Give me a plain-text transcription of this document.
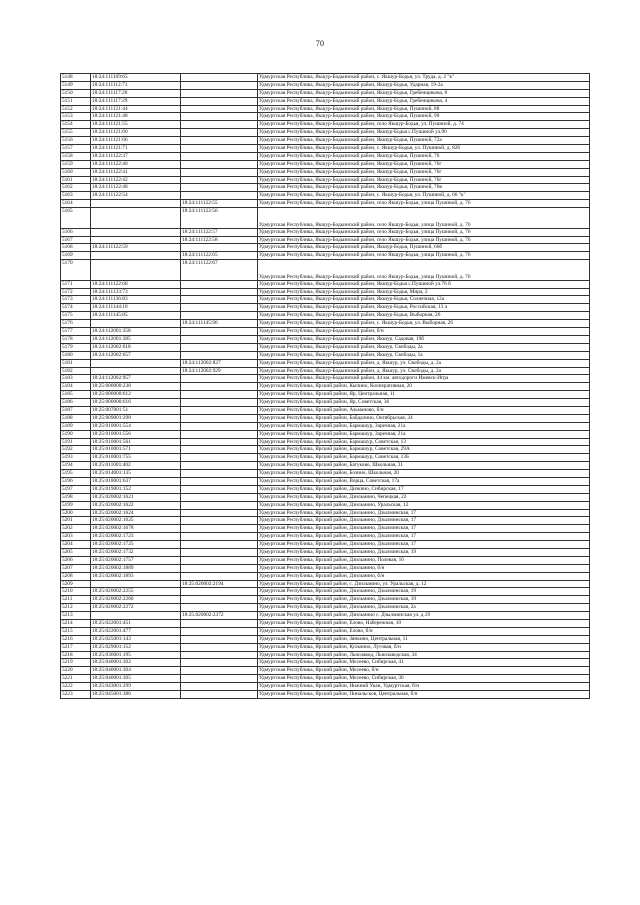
70
5148	18:24:111109:65		Удмуртская Республика, Якшур-Бодьинский район, с. Якшур-Бодья, ул. Труда, д. 2 "к"
5149	18:24:111112:71		Удмуртская Республика, Якшур-Бодьинский район, Якшур-Бодья, Ударная, 19-2а
5150	18:24:111117:20		Удмуртская Республика, Якшур-Бодьинский район, Якшур-Бодья, Гребенщикова, 8
5151	18:24:111117:29		Удмуртская Республика, Якшур-Бодьинский район, Якшур-Бодья, Гребенщикова, 4
5152	18:24:111121:44		Удмуртская Республика, Якшур-Бодьинский район, Якшур-Бодья, Пушиной, 88
5153	18:24:111121:48		Удмуртская Республика, Якшур-Бодьинский район, Якшур-Бодья, Пушиной, 90
5154	18:24:111121:55		Удмуртская Республика, Якшур-Бодьинский район, село Якшур-Бодья, ул. Пушиной, д. 74
5155	18:24:111121:60		Удмуртская Республика, Якшур-Бодьинский район, Якшур-Бодья с.Пушиной ул.90
5156	18:24:111121:66		Удмуртская Республика, Якшур-Бодьинский район, Якшур-Бодья, Пушиной, 72а
5157	18:24:111121:71		Удмуртская Республика, Якшур-Бодьинский район, с. Якшур-Бодья, ул. Пушиной, д. 82б
5158	18:24:111122:37		Удмуртская Республика, Якшур-Бодьинский район, Якшур-Бодья, Пушиной, 76
5159	18:24:111122:40		Удмуртская Республика, Якшур-Бодьинский район, Якшур-Бодья, Пушиной, 76г
5160	18:24:111122:41		Удмуртская Республика, Якшур-Бодьинский район, Якшур-Бодья, Пушиной, 76г
5161	18:24:111122:42		Удмуртская Республика, Якшур-Бодьинский район, Якшур-Бодья, Пушиной, 76г
5162	18:24:111122:48		Удмуртская Республика, Якшур-Бодьинский район, Якшур-Бодья, Пушиной, 76в
5163	18:24:111122:54		Удмуртская Республика, Якшур-Бодьинский район, с. Якшур-Бодья, ул. Пушиной, д. 66 "к"
5164		18:24:111122:55	Удмуртская Республика, Якшур-Бодьинский район, село Якшур-Бодья, улица Пушиной, д. 76
5165		18:24:111122:56	Удмуртская Республика, Якшур-Бодьинский район, село Якшур-Бодья, улица Пушиной, д. 76
5166		18:24:111122:57	Удмуртская Республика, Якшур-Бодьинский район, село Якшур-Бодья, улица Пушиной, д. 76
5167		18:24:111122:58	Удмуртская Республика, Якшур-Бодьинский район, село Якшур-Бодья, улица Пушиной, д. 76
5168	18:24:111122:59		Удмуртская Республика, Якшур-Бодьинский район, Якшур-Бодья, Пушиной, 66б
5169		18:24:111122:65	Удмуртская Республика, Якшур-Бодьинский район, село Якшур-Бодья, улица Пушиной, д. 76
5170		18:24:111122:67	Удмуртская Республика, Якшур-Бодьинский район, село Якшур-Бодья, улица Пушиной, д. 76
5171	18:24:111122:68		Удмуртская Республика, Якшур-Бодьинский район, Якшур-Бодья с.Пушиной ул.76 б
5172	18:24:111133:73		Удмуртская Республика, Якшур-Бодьинский район, Якшур-Бодья, Мира, 2
5173	18:24:111136:83		Удмуртская Республика, Якшур-Бодьинский район, Якшур-Бодья, Солнечная, 12а
5174	18:24:111144:18		Удмуртская Республика, Якшур-Бодьинский район, Якшур-Бодья, Российская, 13 а
5175	18:24:111145:85		Удмуртская Республика, Якшур-Бодьинский район, Якшур-Бодья, Выборная, 26
5176		18:24:111145:90	Удмуртская Республика, Якшур-Бодьинский район, с. Якшур-Бодья, ул. Выборная, 26
5177	18:24:112001:358		Удмуртская Республика, Якшур-Бодьинский район, б/н
5178	18:24:112001:385		Удмуртская Республика, Якшур-Бодьинский район, Якшур, Садовая, 19б
5179	18:24:112002:618		Удмуртская Республика, Якшур-Бодьинский район, Якшур, Свободы, 2а
5180	18:24:112002:657		Удмуртская Республика, Якшур-Бодьинский район, Якшур, Свободы, 1а
5181		18:24:112002:827	Удмуртская Республика, Якшур-Бодьинский район, д. Якшур, ул. Свободы, д. 2а
5182		18:24:112002:929	Удмуртская Республика, Якшур-Бодьинский район, д. Якшур, ул. Свободы, д. 2а
5183	18:24:112002:957		Удмуртская Республика, Якшур-Бодьинский район, 44 км. автодороги Ижевск-Игра
5184	18:25:000000:238		Удмуртская Республика, Ярский район, Кычино, Кооперативная, 20
5185	18:25:000000:612		Удмуртская Республика, Ярский район, Яр, Центральная, 11
5186	18:25:000000:616		Удмуртская Республика, Ярский район, Яр, Советская, 36
5187	18:25:007001:51		Удмуртская Республика, Ярский район, Азьманово, б/н
5188	18:25:009001:298		Удмуртская Республика, Ярский район, Байдалино, Октябрьская, 24
5189	18:25:010001:554		Удмуртская Республика, Ярский район, Бармашур, Заречная, 21а
5190	18:25:010001:556		Удмуртская Республика, Ярский район, Бармашур, Заречная, 21а
5191	18:25:010001:561		Удмуртская Республика, Ярский район, Бармашур, Советская, 13
5192	18:25:010001:571		Удмуртская Республика, Ярский район, Бармашур, Советская, 29А
5193	18:25:010001:755		Удмуртская Республика, Ярский район, Бармашур, Советская, 13Б
5194	18:25:011001:402		Удмуртская Республика, Ярский район, Батуково, Школьная, 31
5195	18:25:014001:135		Удмуртская Республика, Ярский район, Бозино, Школьная, 20
5196	18:25:018001:637		Удмуртская Республика, Ярский район, Ворца, Советская, 17а
5197	18:25:019001:152		Удмуртская Республика, Ярский район, Дизкино, Сибирская, 17
5198	18:25:020002:1621		Удмуртская Республика, Ярский район, Дзильмино, Чепецкая, 22
5199	18:25:020002:1622		Удмуртская Республика, Ярский район, Дзильмино, Уральская, 12
5200	18:25:020002:1624		Удмуртская Республика, Ярский район, Дзильмино, Дзылминская, 17
5201	18:25:020002:1625		Удмуртская Республика, Ярский район, Дзильмино, Дзылминская, 17
5202	18:25:020002:1678		Удмуртская Республика, Ярский район, Дзильмино, Дзылминская, 17
5203	18:25:020002:1723		Удмуртская Республика, Ярский район, Дзильмино, Дзылминская, 17
5204	18:25:020002:1725		Удмуртская Республика, Ярский район, Дзильмино, Дзылминская, 17
5205	18:25:020002:1732		Удмуртская Республика, Ярский район, Дзильмино, Дзылминская, 19
5206	18:25:020002:1757		Удмуртская Республика, Ярский район, Дзильмино, Полевая, 16
5207	18:25:020002:1889		Удмуртская Республика, Ярский район, Дзильмино, б/н
5208	18:25:020002:1893		Удмуртская Республика, Ярский район, Дзильмино, б/н
5209		18:25:020002:2194	Удмуртская Республика, Ярский район, с. Дзильмино, ул. Уральская, д. 12
5210	18:25:020002:2255		Удмуртская Республика, Ярский район, Дзильмино, Дзылминская, 19
5211	18:25:020002:2260		Удмуртская Республика, Ярский район, Дзильмино, Дзылминская, 19
5212	18:25:020002:2272		Удмуртская Республика, Ярский район, Дзильмино, Дзылминская, 2а
5213		18:25:020002:2372	Удмуртская Республика, Ярский район, Дзильмино с. Дзылминская ул. д.19
5214	18:25:022001:451		Удмуртская Республика, Ярский район, Елово, Набережная, 10
5215	18:25:022001:477		Удмуртская Республика, Ярский район, Елово, б/н
5216	18:25:025001:143		Удмуртская Республика, Ярский район, Зянкино, Центральная, 11
5217	18:25:029001:152		Удмуртская Республика, Ярский район, Кульчино, Луговая, б/н
5218	18:25:036001:195		Удмуртская Республика, Ярский район, Льнозавод, Льнозаводская, 34
5219	18:25:040001:302		Удмуртская Республика, Ярский район, Мосеево, Сибирская, 41
5220	18:25:040001:304		Удмуртская Республика, Ярский район, Мосеево, б/н
5221	18:25:040001:305		Удмуртская Республика, Ярский район, Мосеево, Сибирская, 30
5222	18:25:043001:299		Удмуртская Республика, Ярский район, Нижний Укан, Удмуртская, б/н
5223	18:25:045001:386		Удмуртская Республика, Ярский район, Пинальсков, Центральная, б/н
